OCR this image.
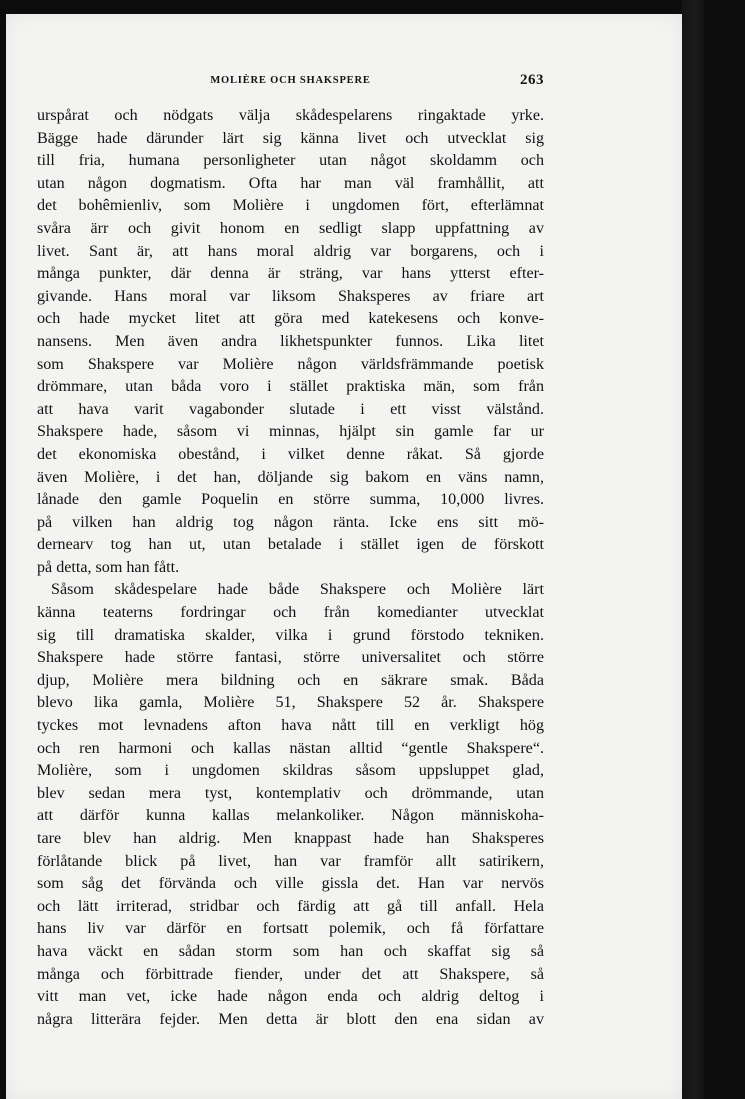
MOLIÈRE OCH SHAKSPERE	263
urspårat och nödgats välja skådespelarens ringaktade yrke.
Bägge hade därunder lärt sig känna livet och utvecklat sig
till fria, humana personligheter utan något skoldamm och
utan någon dogmatism. Ofta har man väl framhållit, att
det bohêmienliv, som Molière i ungdomen fört, efterlämnat
svåra ärr och givit honom en sedligt slapp uppfattning av
livet. Sant är, att hans moral aldrig var borgarens, och i
många punkter, där denna är sträng, var hans ytterst efter-
givande. Hans moral var liksom Shaksperes av friare art
och hade mycket litet att göra med katekesens och konve-
nansens. Men även andra likhetspunkter funnos. Lika litet
som Shakspere var Molière någon världsfrämmande poetisk
drömmare, utan båda voro i stället praktiska män, som från
att hava varit vagabonder slutade i ett visst välstånd.
Shakspere hade, såsom vi minnas, hjälpt sin gamle far ur
det ekonomiska obestånd, i vilket denne råkat. Så gjorde
även Molière, i det han, döljande sig bakom en väns namn,
lånade den gamle Poquelin en större summa, 10,000 livres.
på vilken han aldrig tog någon ränta. Icke ens sitt mö-
dernearv tog han ut, utan betalade i stället igen de förskott
på detta, som han fått.
Såsom skådespelare hade både Shakspere och Molière lärt
känna teaterns fordringar och från komedianter utvecklat
sig till dramatiska skalder, vilka i grund förstodo tekniken.
Shakspere hade större fantasi, större universalitet och större
djup, Molière mera bildning och en säkrare smak. Båda
blevo lika gamla, Molière 51, Shakspere 52 år. Shakspere
tyckes mot levnadens afton hava nått till en verkligt hög
och ren harmoni och kallas nästan alltid “gentle Shakspere“.
Molière, som i ungdomen skildras såsom uppsluppet glad,
blev sedan mera tyst, kontemplativ och drömmande, utan
att därför kunna kallas melankoliker. Någon människoha-
tare blev han aldrig. Men knappast hade han Shaksperes
förlåtande blick på livet, han var framför allt satirikern,
som såg det förvända och ville gissla det. Han var nervös
och lätt irriterad, stridbar och färdig att gå till anfall. Hela
hans liv var därför en fortsatt polemik, och få författare
hava väckt en sådan storm som han och skaffat sig så
många och förbittrade fiender, under det att Shakspere, så
vitt man vet, icke hade någon enda och aldrig deltog i
några litterära fejder. Men detta är blott den ena sidan av
